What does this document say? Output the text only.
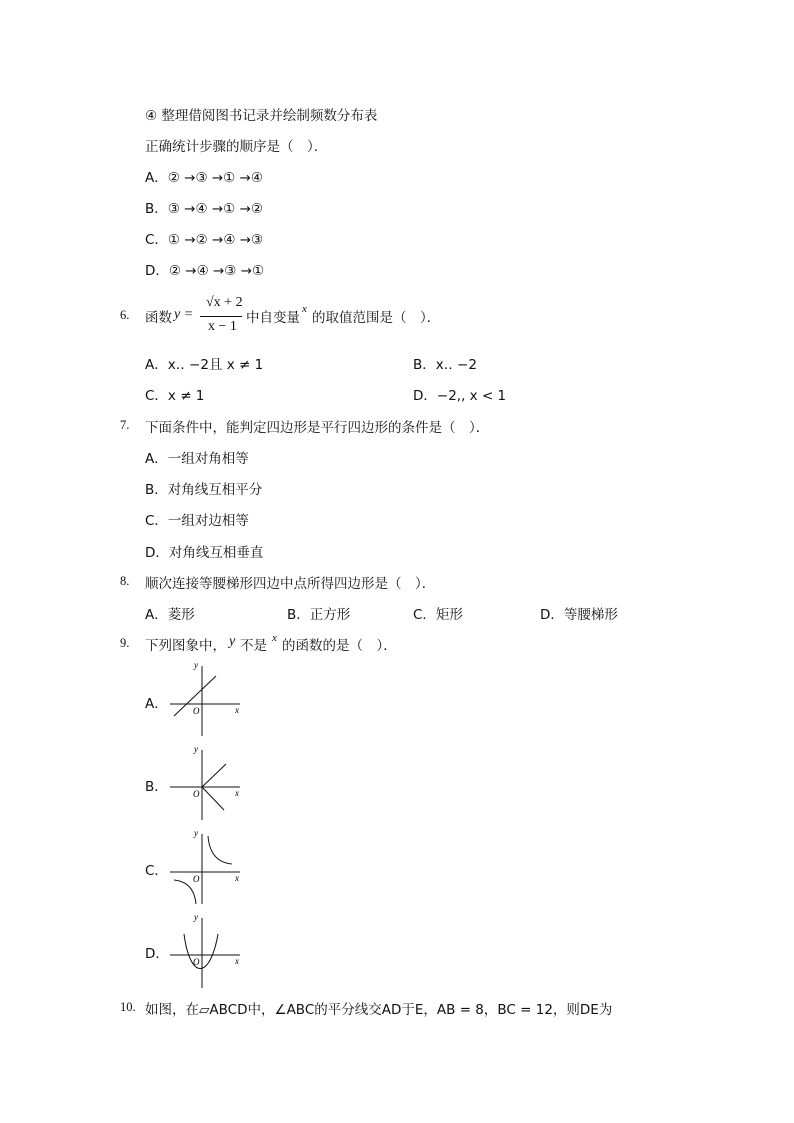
④ 整理借阅图书记录并绘制频数分布表
正确统计步骤的顺序是（　）．
A．② →③ →① →④
B．③ →④ →① →②
C．① →② →④ →③
D．② →④ →③ →①
6. 函数 y =
√x + 2
x − 1
中自变量
x
的取值范围是（　）．
A．x‥ −2且 x ≠ 1	B．x‥ −2
C．x ≠ 1	D．−2,, x < 1
7. 下面条件中，能判定四边形是平行四边形的条件是（　）．
A．一组对角相等
B．对角线互相平分
C．一组对边相等
D．对角线互相垂直
8. 顺次连接等腰梯形四边中点所得四边形是（　）．
A．菱形	B．正方形	C．矩形	D．等腰梯形
9. 下列图象中， y 不是 x 的函数的是（　）．
A．
y
x
O
B．
y
x
O
C．
y
x
O
D．
y
x
O
10. 如图，在▱ABCD中，∠ABC的平分线交AD于E，AB = 8，BC = 12，则DE为
